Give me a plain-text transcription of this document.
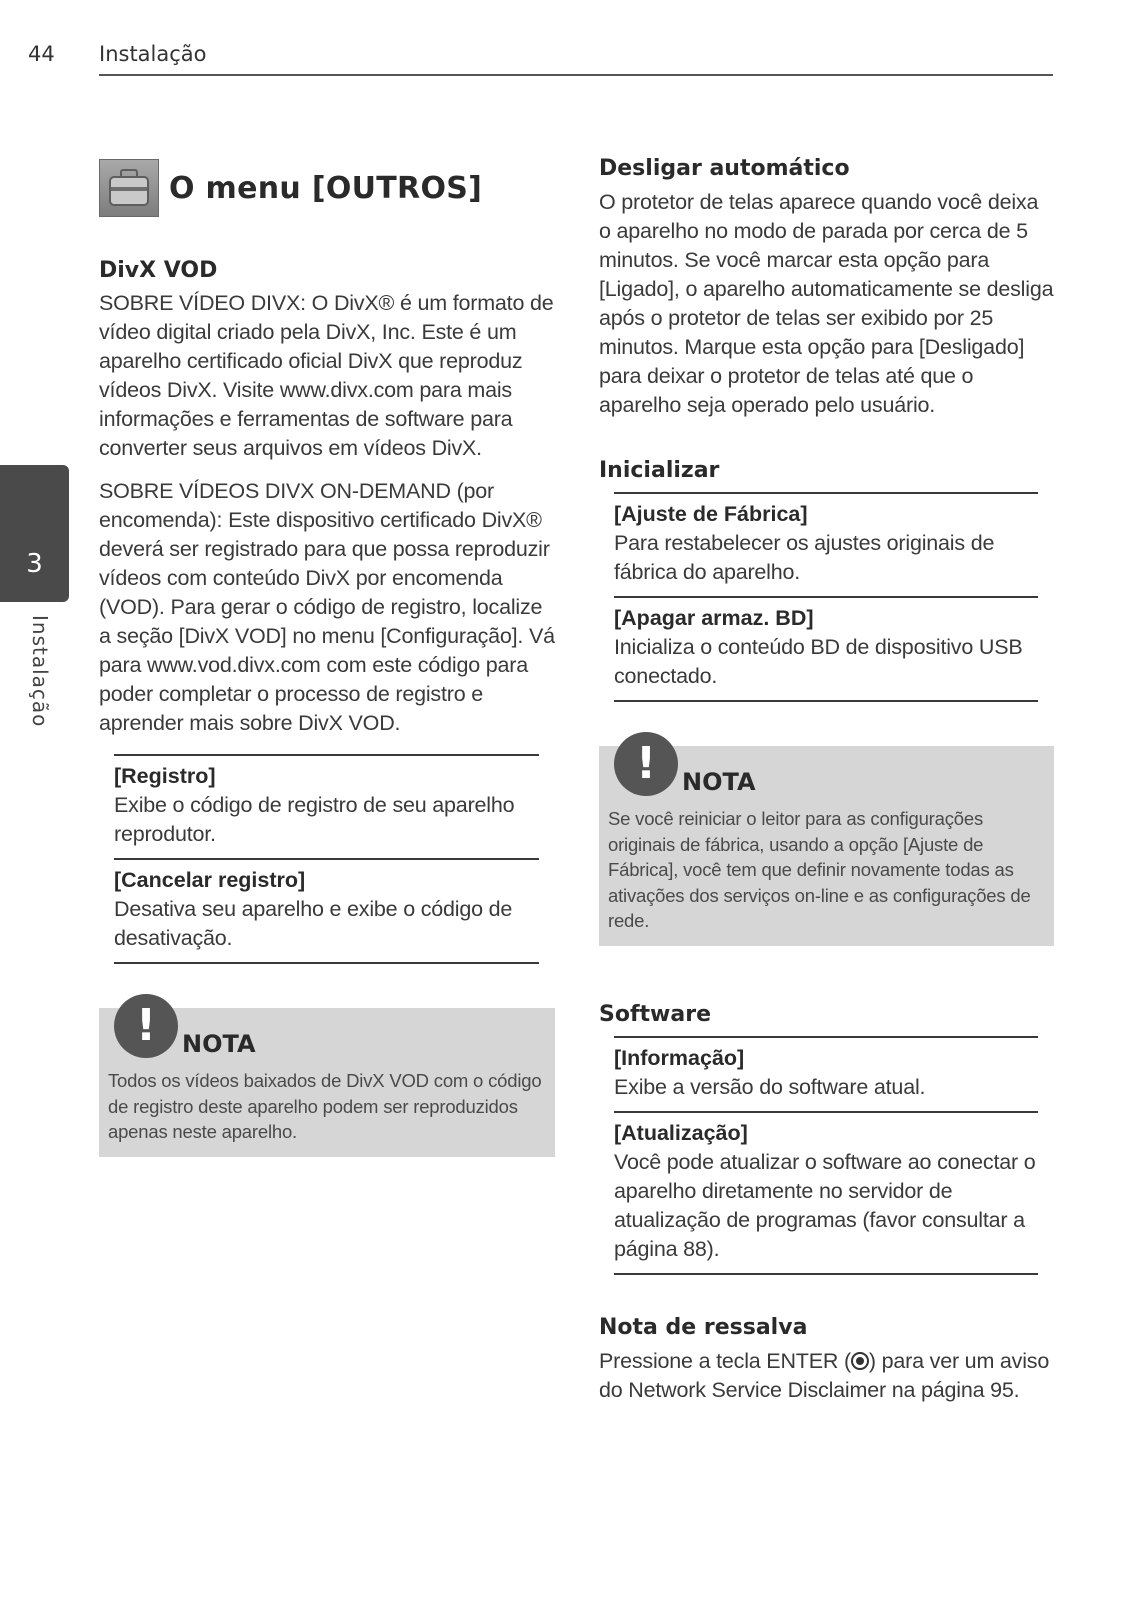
44 Instalação
3
Instalação
O menu [OUTROS]
DivX VOD

SOBRE VÍDEO DIVX: O DivX® é um formato de vídeo digital criado pela DivX, Inc. Este é um aparelho certificado oficial DivX que reproduz vídeos DivX. Visite www.divx.com para mais informações e ferramentas de software para converter seus arquivos em vídeos DivX.

SOBRE VÍDEOS DIVX ON-DEMAND (por encomenda): Este dispositivo certificado DivX® deverá ser registrado para que possa reproduzir vídeos com conteúdo DivX por encomenda (VOD). Para gerar o código de registro, localize a seção [DivX VOD] no menu [Configuração]. Vá para www.vod.divx.com com este código para poder completar o processo de registro e aprender mais sobre DivX VOD.

[Registro]
Exibe o código de registro de seu aparelho reprodutor.
[Cancelar registro]
Desativa seu aparelho e exibe o código de desativação.
!	NOTA
Todos os vídeos baixados de DivX VOD com o código de registro deste aparelho podem ser reproduzidos apenas neste aparelho.
Desligar automático

O protetor de telas aparece quando você deixa o aparelho no modo de parada por cerca de 5 minutos. Se você marcar esta opção para [Ligado], o aparelho automaticamente se desliga após o protetor de telas ser exibido por 25 minutos. Marque esta opção para [Desligado] para deixar o protetor de telas até que o aparelho seja operado pelo usuário.

Inicializar
[Ajuste de Fábrica]
Para restabelecer os ajustes originais de fábrica do aparelho.
[Apagar armaz. BD]
Inicializa o conteúdo BD de dispositivo USB conectado.
!	NOTA
Se você reiniciar o leitor para as configurações originais de fábrica, usando a opção [Ajuste de Fábrica], você tem que definir novamente todas as ativações dos serviços on-line e as configurações de rede.
Software
[Informação]
Exibe a versão do software atual.
[Atualização]
Você pode atualizar o software ao conectar o aparelho diretamente no servidor de atualização de programas (favor consultar a página 88).
Nota de ressalva

Pressione a tecla ENTER ( ) para ver um aviso do Network Service Disclaimer na página 95.
